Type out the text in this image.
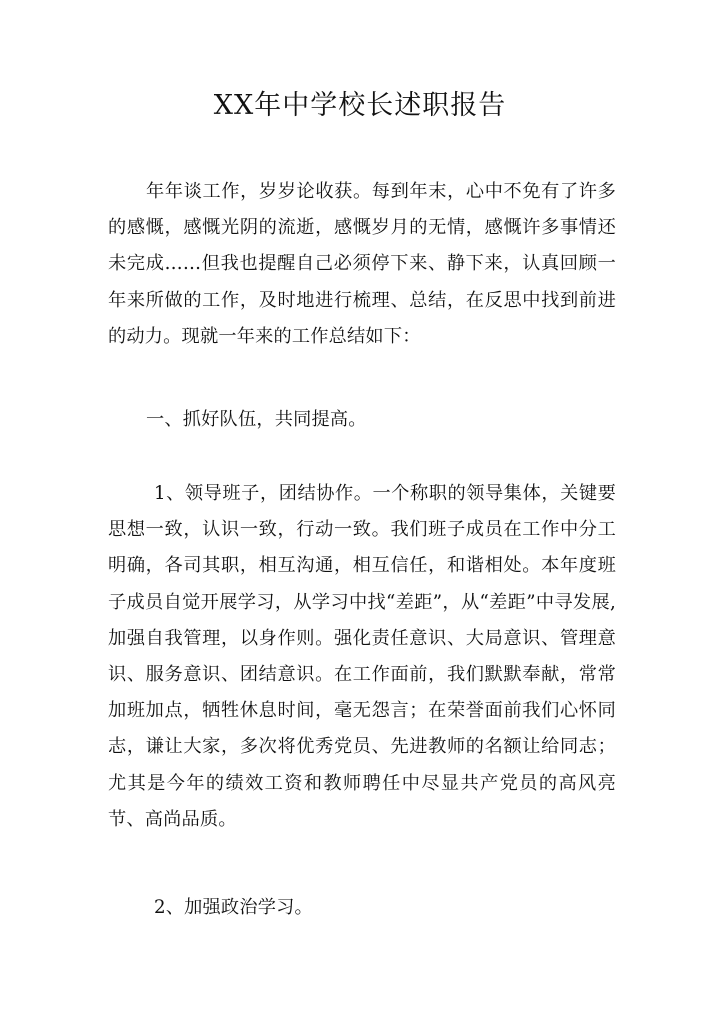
XX年中学校长述职报告

年年谈工作，岁岁论收获。每到年末，心中不免有了许多的感慨，感慨光阴的流逝，感慨岁月的无情，感慨许多事情还未完成……但我也提醒自己必须停下来、静下来，认真回顾一年来所做的工作，及时地进行梳理、总结，在反思中找到前进的动力。现就一年来的工作总结如下：

一、抓好队伍，共同提高。

1、领导班子，团结协作。一个称职的领导集体，关键要思想一致，认识一致，行动一致。我们班子成员在工作中分工明确，各司其职，相互沟通，相互信任，和谐相处。本年度班子成员自觉开展学习，从学习中找“差距”，从“差距”中寻发展,加强自我管理，以身作则。强化责任意识、大局意识、管理意识、服务意识、团结意识。在工作面前，我们默默奉献，常常加班加点，牺牲休息时间，毫无怨言；在荣誉面前我们心怀同志，谦让大家，多次将优秀党员、先进教师的名额让给同志；尤其是今年的绩效工资和教师聘任中尽显共产党员的高风亮节、高尚品质。

2、加强政治学习。
